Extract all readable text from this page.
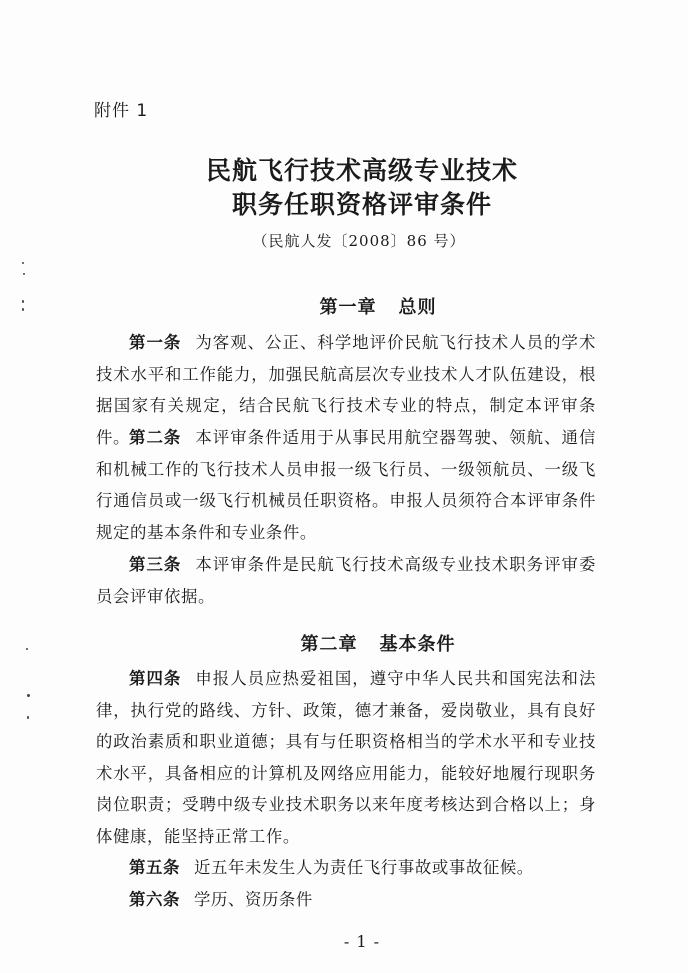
附件 1
民航飞行技术高级专业技术
职务任职资格评审条件
（民航人发〔2008〕86 号）
第一章 总则
第一条 为客观、公正、科学地评价民航飞行技术人员的学术技术水平和工作能力，加强民航高层次专业技术人才队伍建设，根据国家有关规定，结合民航飞行技术专业的特点，制定本评审条件。 第二条 本评审条件适用于从事民用航空器驾驶、领航、通信和机械工作的飞行技术人员申报一级飞行员、一级领航员、一级飞行通信员或一级飞行机械员任职资格。申报人员须符合本评审条件规定的基本条件和专业条件。
第三条 本评审条件是民航飞行技术高级专业技术职务评审委员会评审依据。
第二章 基本条件
第四条 申报人员应热爱祖国，遵守中华人民共和国宪法和法律，执行党的路线、方针、政策，德才兼备，爱岗敬业，具有良好的政治素质和职业道德；具有与任职资格相当的学术水平和专业技术水平，具备相应的计算机及网络应用能力，能较好地履行现职务岗位职责；受聘中级专业技术职务以来年度考核达到合格以上；身体健康，能坚持正常工作。
第五条 近五年未发生人为责任飞行事故或事故征候。
第六条 学历、资历条件
- 1 -
